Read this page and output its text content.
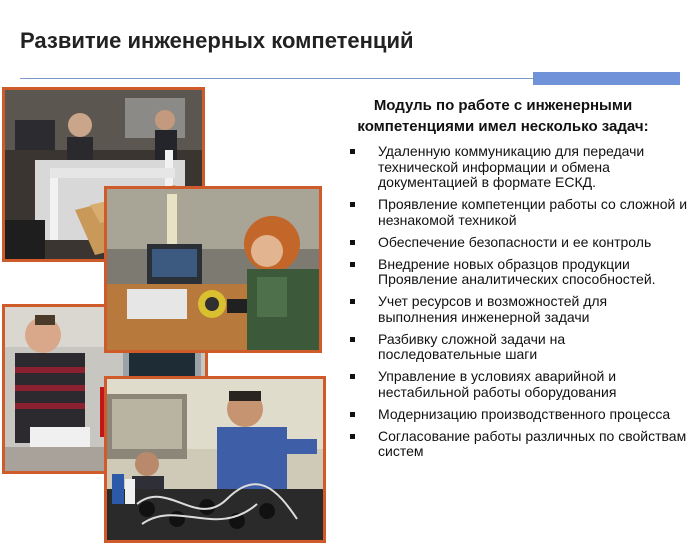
Развитие инженерных компетенций
Модуль по работе с инженерными
компетенциями имел несколько задач:
Удаленную коммуникацию для передачи технической информации и обмена документацией в формате ЕСКД.
Проявление компетенции работы со сложной и незнакомой техникой
Обеспечение безопасности и ее контроль
Внедрение новых образцов продукции Проявление аналитических способностей.
Учет ресурсов и возможностей для выполнения инженерной задачи
Разбивку сложной задачи на последовательные шаги
Управление в условиях аварийной и нестабильной работы оборудования
Модернизацию производственного процесса
Согласование работы различных по свойствам систем
